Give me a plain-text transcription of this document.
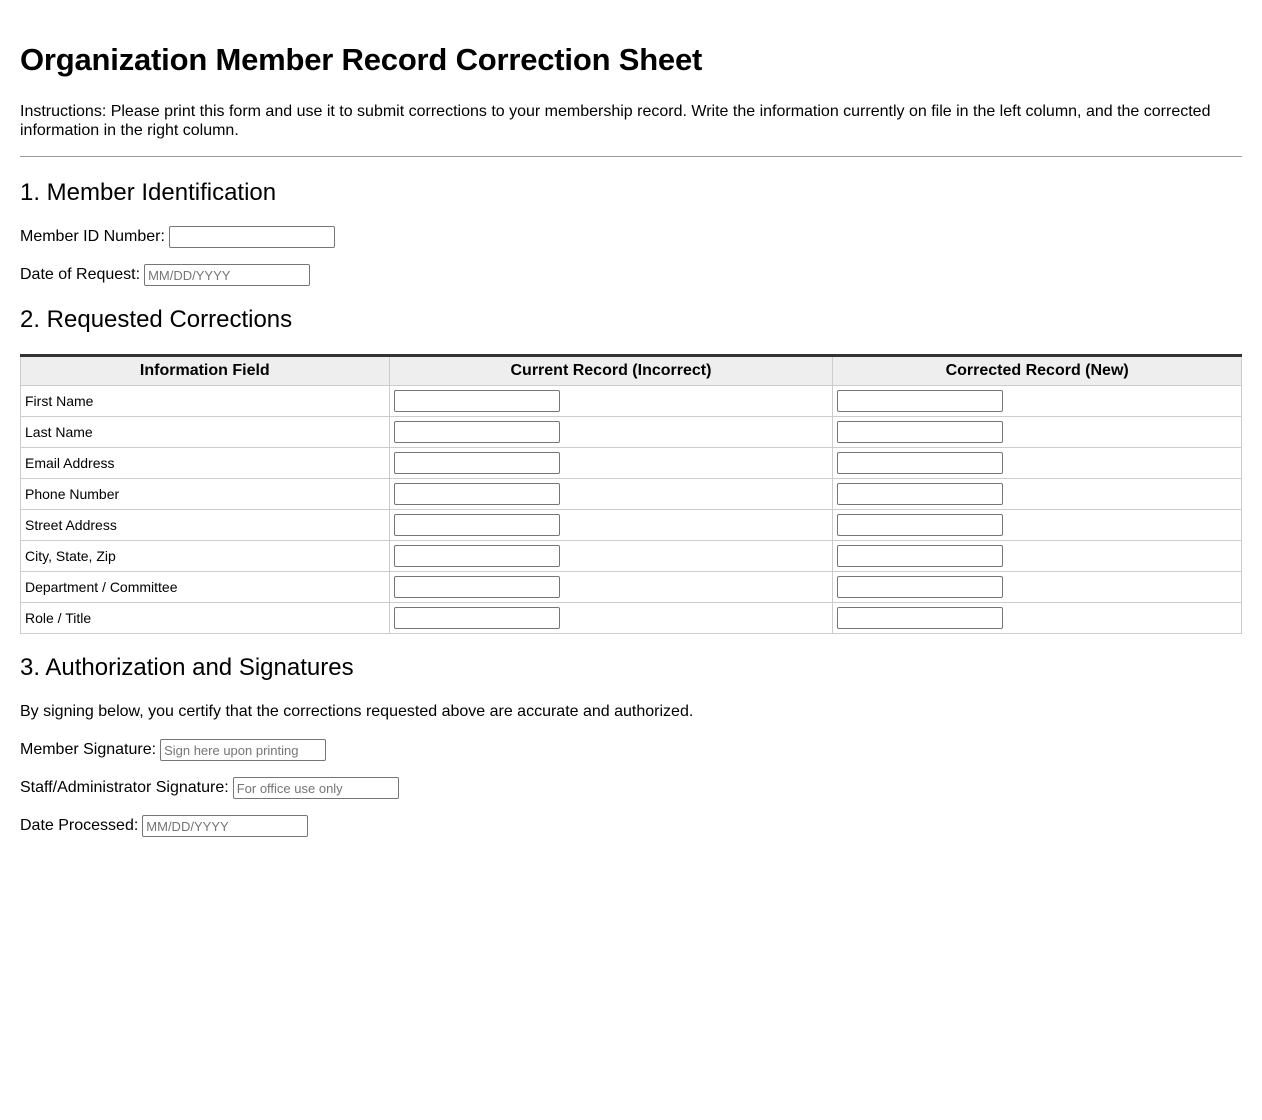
Organization Member Record Correction Sheet

Instructions: Please print this form and use it to submit corrections to your membership record. Write the information currently on file in the left column, and the corrected information in the right column.

1. Member Identification
Member ID Number:
Date of Request:
MM/DD/YYYY
2. Requested Corrections
Information Field	Current Record (Incorrect)	Corrected Record (New)
First Name		
Last Name		
Email Address		
Phone Number		
Street Address		
City, State, Zip		
Department / Committee		
Role / Title		
3. Authorization and Signatures

By signing below, you certify that the corrections requested above are accurate and authorized.

Member Signature:
Sign here upon printing
Staff/Administrator Signature:
For office use only
Date Processed:
MM/DD/YYYY
